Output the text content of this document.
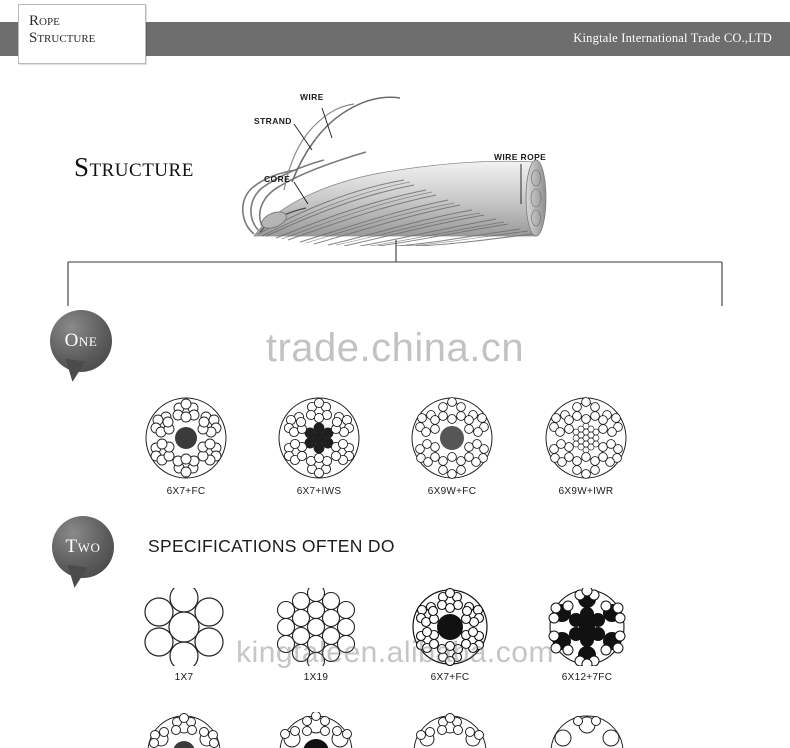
Kingtale International Trade CO.,LTD
Rope
Structure
Structure
WIRE
STRAND
CORE
WIRE ROPE
One	trade.china.cn
6X7+FC	6X7+IWS	6X9W+FC	6X9W+IWR
Two	SPECIFICATIONS OFTEN DO
1X7	1X19	6X7+FC	6X12+7FC
kingtaleen.alibaba.com
